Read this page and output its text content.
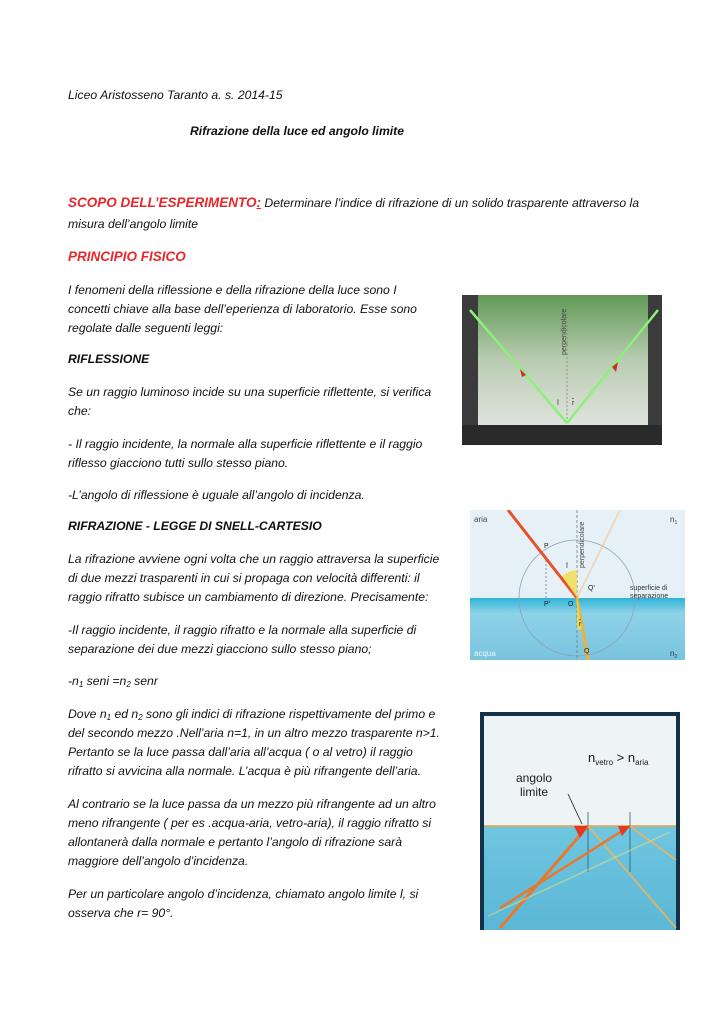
Liceo Aristosseno Taranto a. s. 2014-15
Rifrazione della luce ed angolo limite
SCOPO DELL’ESPERIMENTO: Determinare l’indice di rifrazione di un solido trasparente attraverso la
misura dell’angolo limite
PRINCIPIO FISICO
I fenomeni della riflessione e della rifrazione della luce sono I
concetti chiave alla base dell’eperienza di laboratorio. Esse sono
regolate dalle seguenti leggi:
RIFLESSIONE
Se un raggio luminoso incide su una superficie riflettente, si verifica
che:
- Il raggio incidente, la normale alla superficie riflettente e il raggio
riflesso giacciono tutti sullo stesso piano.
-L’angolo di riflessione è uguale all’angolo di incidenza.
RIFRAZIONE - LEGGE DI SNELL-CARTESIO
La rifrazione avviene ogni volta che un raggio attraversa la superficie
di due mezzi trasparenti in cui si propaga con velocità differenti: il
raggio rifratto subisce un cambiamento di direzione. Precisamente:
-Il raggio incidente, il raggio rifratto e la normale alla superficie di
separazione dei due mezzi giacciono sullo stesso piano;
$-n_1$ seni $=n_2$ senr
Dove $n_1$ ed $n_2$ sono gli indici di rifrazione rispettivamente del primo e
del secondo mezzo .Nell’aria n=1, in un altro mezzo trasparente n>1.
Pertanto se la luce passa dall’aria all’acqua ( o al vetro) il raggio
rifratto si avvicina alla normale. L’acqua è più rifrangente dell’aria.
Al contrario se la luce passa da un mezzo più rifrangente ad un altro
meno rifrangente ( per es .acqua-aria, vetro-aria), il raggio rifratto si
allontanerà dalla normale e pertanto l’angolo di rifrazione sarà
maggiore dell’angolo d’incidenza.
Per un particolare angolo d’incidenza, chiamato angolo limite l, si
osserva che r= 90°.
perpendicolare
î r̂
aria	$n_1$
acqua	$n_2$
perpendicolare
superficie di
separazione
P
P'	O
Q'
Q
î
r̂
$n_{vetro} > n_{aria}$
angolo
limite
